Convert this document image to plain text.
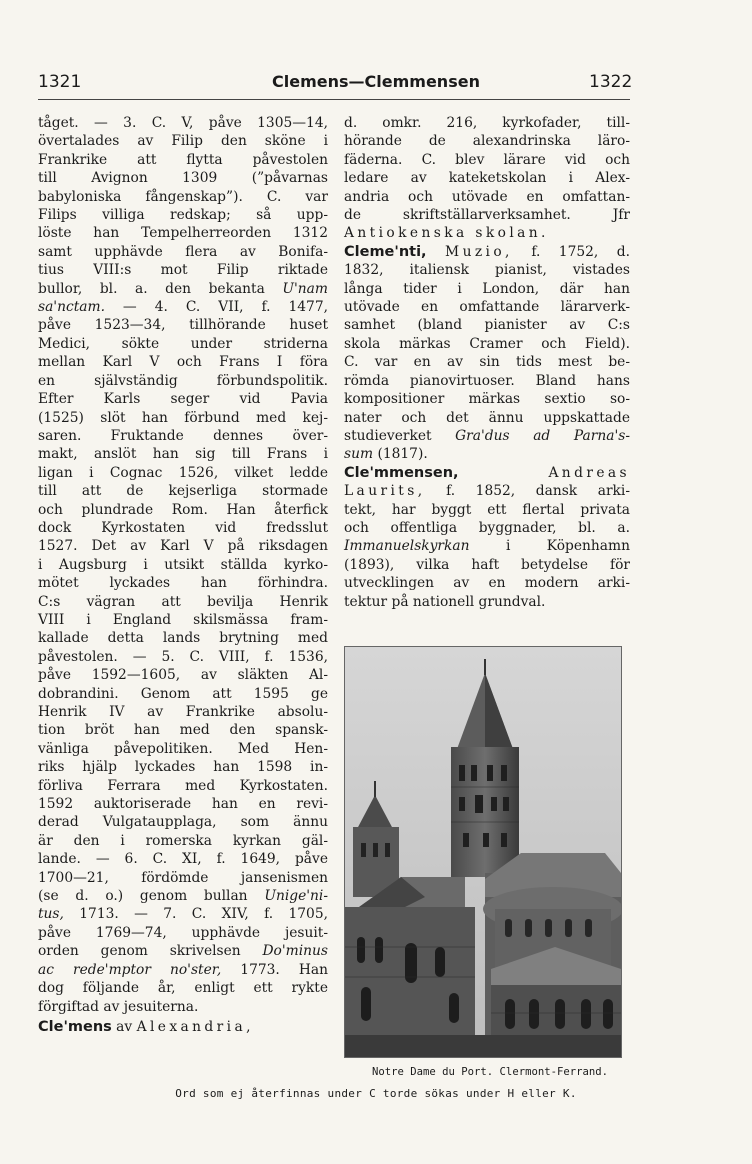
1321	Clemens—Clemmensen	1322
tåget. — 3. C. V, påve 1305—14,
övertalades av Filip den sköne i
Frankrike att flytta påvestolen
till Avignon 1309 (”påvarnas
babyloniska fångenskap”). C. var
Filips villiga redskap; så upp-
löste han Tempelherreorden 1312
samt upphävde flera av Bonifa-
tius VIII:s mot Filip riktade
bullor, bl. a. den bekanta U'nam
sa'nctam. — 4. C. VII, f. 1477,
påve 1523—34, tillhörande huset
Medici, sökte under striderna
mellan Karl V och Frans I föra
en självständig förbundspolitik.
Efter Karls seger vid Pavia
(1525) slöt han förbund med kej-
saren. Fruktande dennes över-
makt, anslöt han sig till Frans i
ligan i Cognac 1526, vilket ledde
till att de kejserliga stormade
och plundrade Rom. Han återfick
dock Kyrkostaten vid fredsslut
1527. Det av Karl V på riksdagen
i Augsburg i utsikt ställda kyrko-
mötet lyckades han förhindra.
C:s vägran att bevilja Henrik
VIII i England skilsmässa fram-
kallade detta lands brytning med
påvestolen. — 5. C. VIII, f. 1536,
påve 1592—1605, av släkten Al-
dobrandini. Genom att 1595 ge
Henrik IV av Frankrike absolu-
tion bröt han med den spansk-
vänliga påvepolitiken. Med Hen-
riks hjälp lyckades han 1598 in-
förliva Ferrara med Kyrkostaten.
1592 auktoriserade han en revi-
derad Vulgataupplaga, som ännu
är den i romerska kyrkan gäl-
lande. — 6. C. XI, f. 1649, påve
1700—21, fördömde jansenismen
(se d. o.) genom bullan Unige'ni-
tus, 1713. — 7. C. XIV, f. 1705,
påve 1769—74, upphävde jesuit-
orden genom skrivelsen Do'minus
ac rede'mptor no'ster, 1773. Han
dog följande år, enligt ett rykte
förgiftad av jesuiterna.
Cle'mens av Alexandria,
d. omkr. 216, kyrkofader, till-
hörande de alexandrinska läro-
fäderna. C. blev lärare vid och
ledare av kateketskolan i Alex-
andria och utövade en omfattan-
de skriftställarverksamhet. Jfr
Antiokenska skolan.
Cleme'nti, Muzio, f. 1752, d.
1832, italiensk pianist, vistades
långa tider i London, där han
utövade en omfattande lärarverk-
samhet (bland pianister av C:s
skola märkas Cramer och Field).
C. var en av sin tids mest be-
römda pianovirtuoser. Bland hans
kompositioner märkas sextio so-
nater och det ännu uppskattade
studieverket Gra'dus ad Parna's-
sum (1817).
Cle'mmensen,	Andreas
Laurits, f. 1852, dansk arki-
tekt, har byggt ett flertal privata
och offentliga byggnader, bl. a.
Immanuelskyrkan i Köpenhamn
(1893), vilka haft betydelse för
utvecklingen av en modern arki-
tektur på nationell grundval.
Notre Dame du Port. Clermont-Ferrand.
Ord som ej återfinnas under C torde sökas under H eller K.
